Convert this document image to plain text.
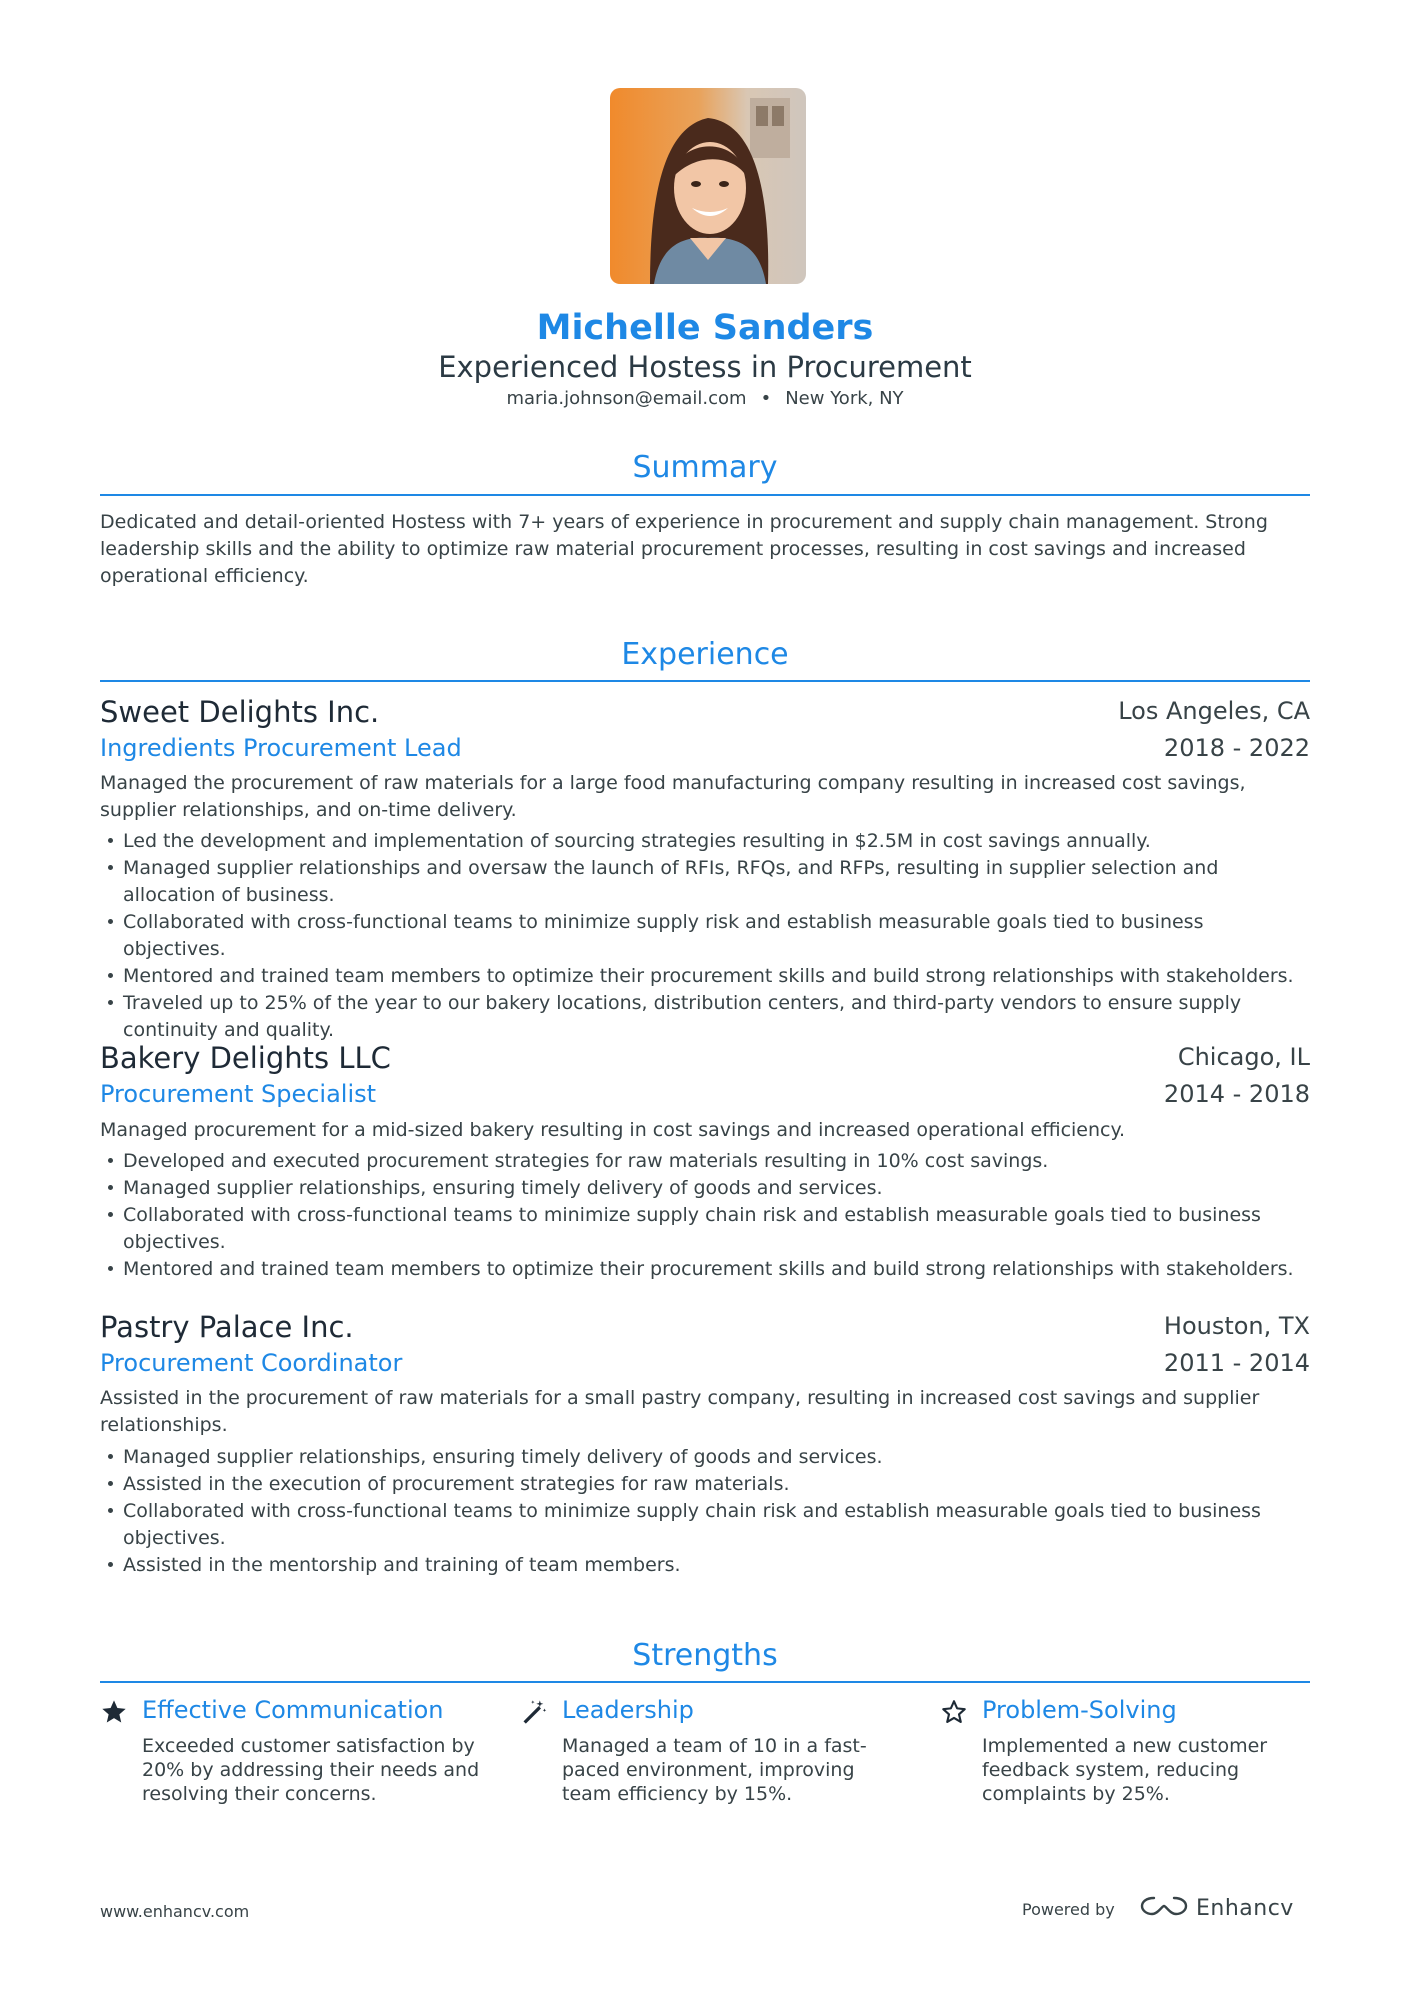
Michelle Sanders
Experienced Hostess in Procurement
maria.johnson@email.com • New York, NY
Summary
Dedicated and detail-oriented Hostess with 7+ years of experience in procurement and supply chain management. Strong leadership skills and the ability to optimize raw material procurement processes, resulting in cost savings and increased operational efficiency.
Experience
Sweet Delights Inc.	Los Angeles, CA
Ingredients Procurement Lead	2018 - 2022
Managed the procurement of raw materials for a large food manufacturing company resulting in increased cost savings, supplier relationships, and on-time delivery.
Led the development and implementation of sourcing strategies resulting in $2.5M in cost savings annually.
Managed supplier relationships and oversaw the launch of RFIs, RFQs, and RFPs, resulting in supplier selection and allocation of business.
Collaborated with cross-functional teams to minimize supply risk and establish measurable goals tied to business objectives.
Mentored and trained team members to optimize their procurement skills and build strong relationships with stakeholders.
Traveled up to 25% of the year to our bakery locations, distribution centers, and third-party vendors to ensure supply continuity and quality.
Bakery Delights LLC	Chicago, IL
Procurement Specialist	2014 - 2018
Managed procurement for a mid-sized bakery resulting in cost savings and increased operational efficiency.
Developed and executed procurement strategies for raw materials resulting in 10% cost savings.
Managed supplier relationships, ensuring timely delivery of goods and services.
Collaborated with cross-functional teams to minimize supply chain risk and establish measurable goals tied to business objectives.
Mentored and trained team members to optimize their procurement skills and build strong relationships with stakeholders.
Pastry Palace Inc.	Houston, TX
Procurement Coordinator	2011 - 2014
Assisted in the procurement of raw materials for a small pastry company, resulting in increased cost savings and supplier relationships.
Managed supplier relationships, ensuring timely delivery of goods and services.
Assisted in the execution of procurement strategies for raw materials.
Collaborated with cross-functional teams to minimize supply chain risk and establish measurable goals tied to business objectives.
Assisted in the mentorship and training of team members.
Strengths
Effective Communication
Exceeded customer satisfaction by 20% by addressing their needs and resolving their concerns.
Leadership
Managed a team of 10 in a fast-paced environment, improving team efficiency by 15%.
Problem-Solving
Implemented a new customer feedback system, reducing complaints by 25%.
www.enhancv.com	Powered by	Enhancv
